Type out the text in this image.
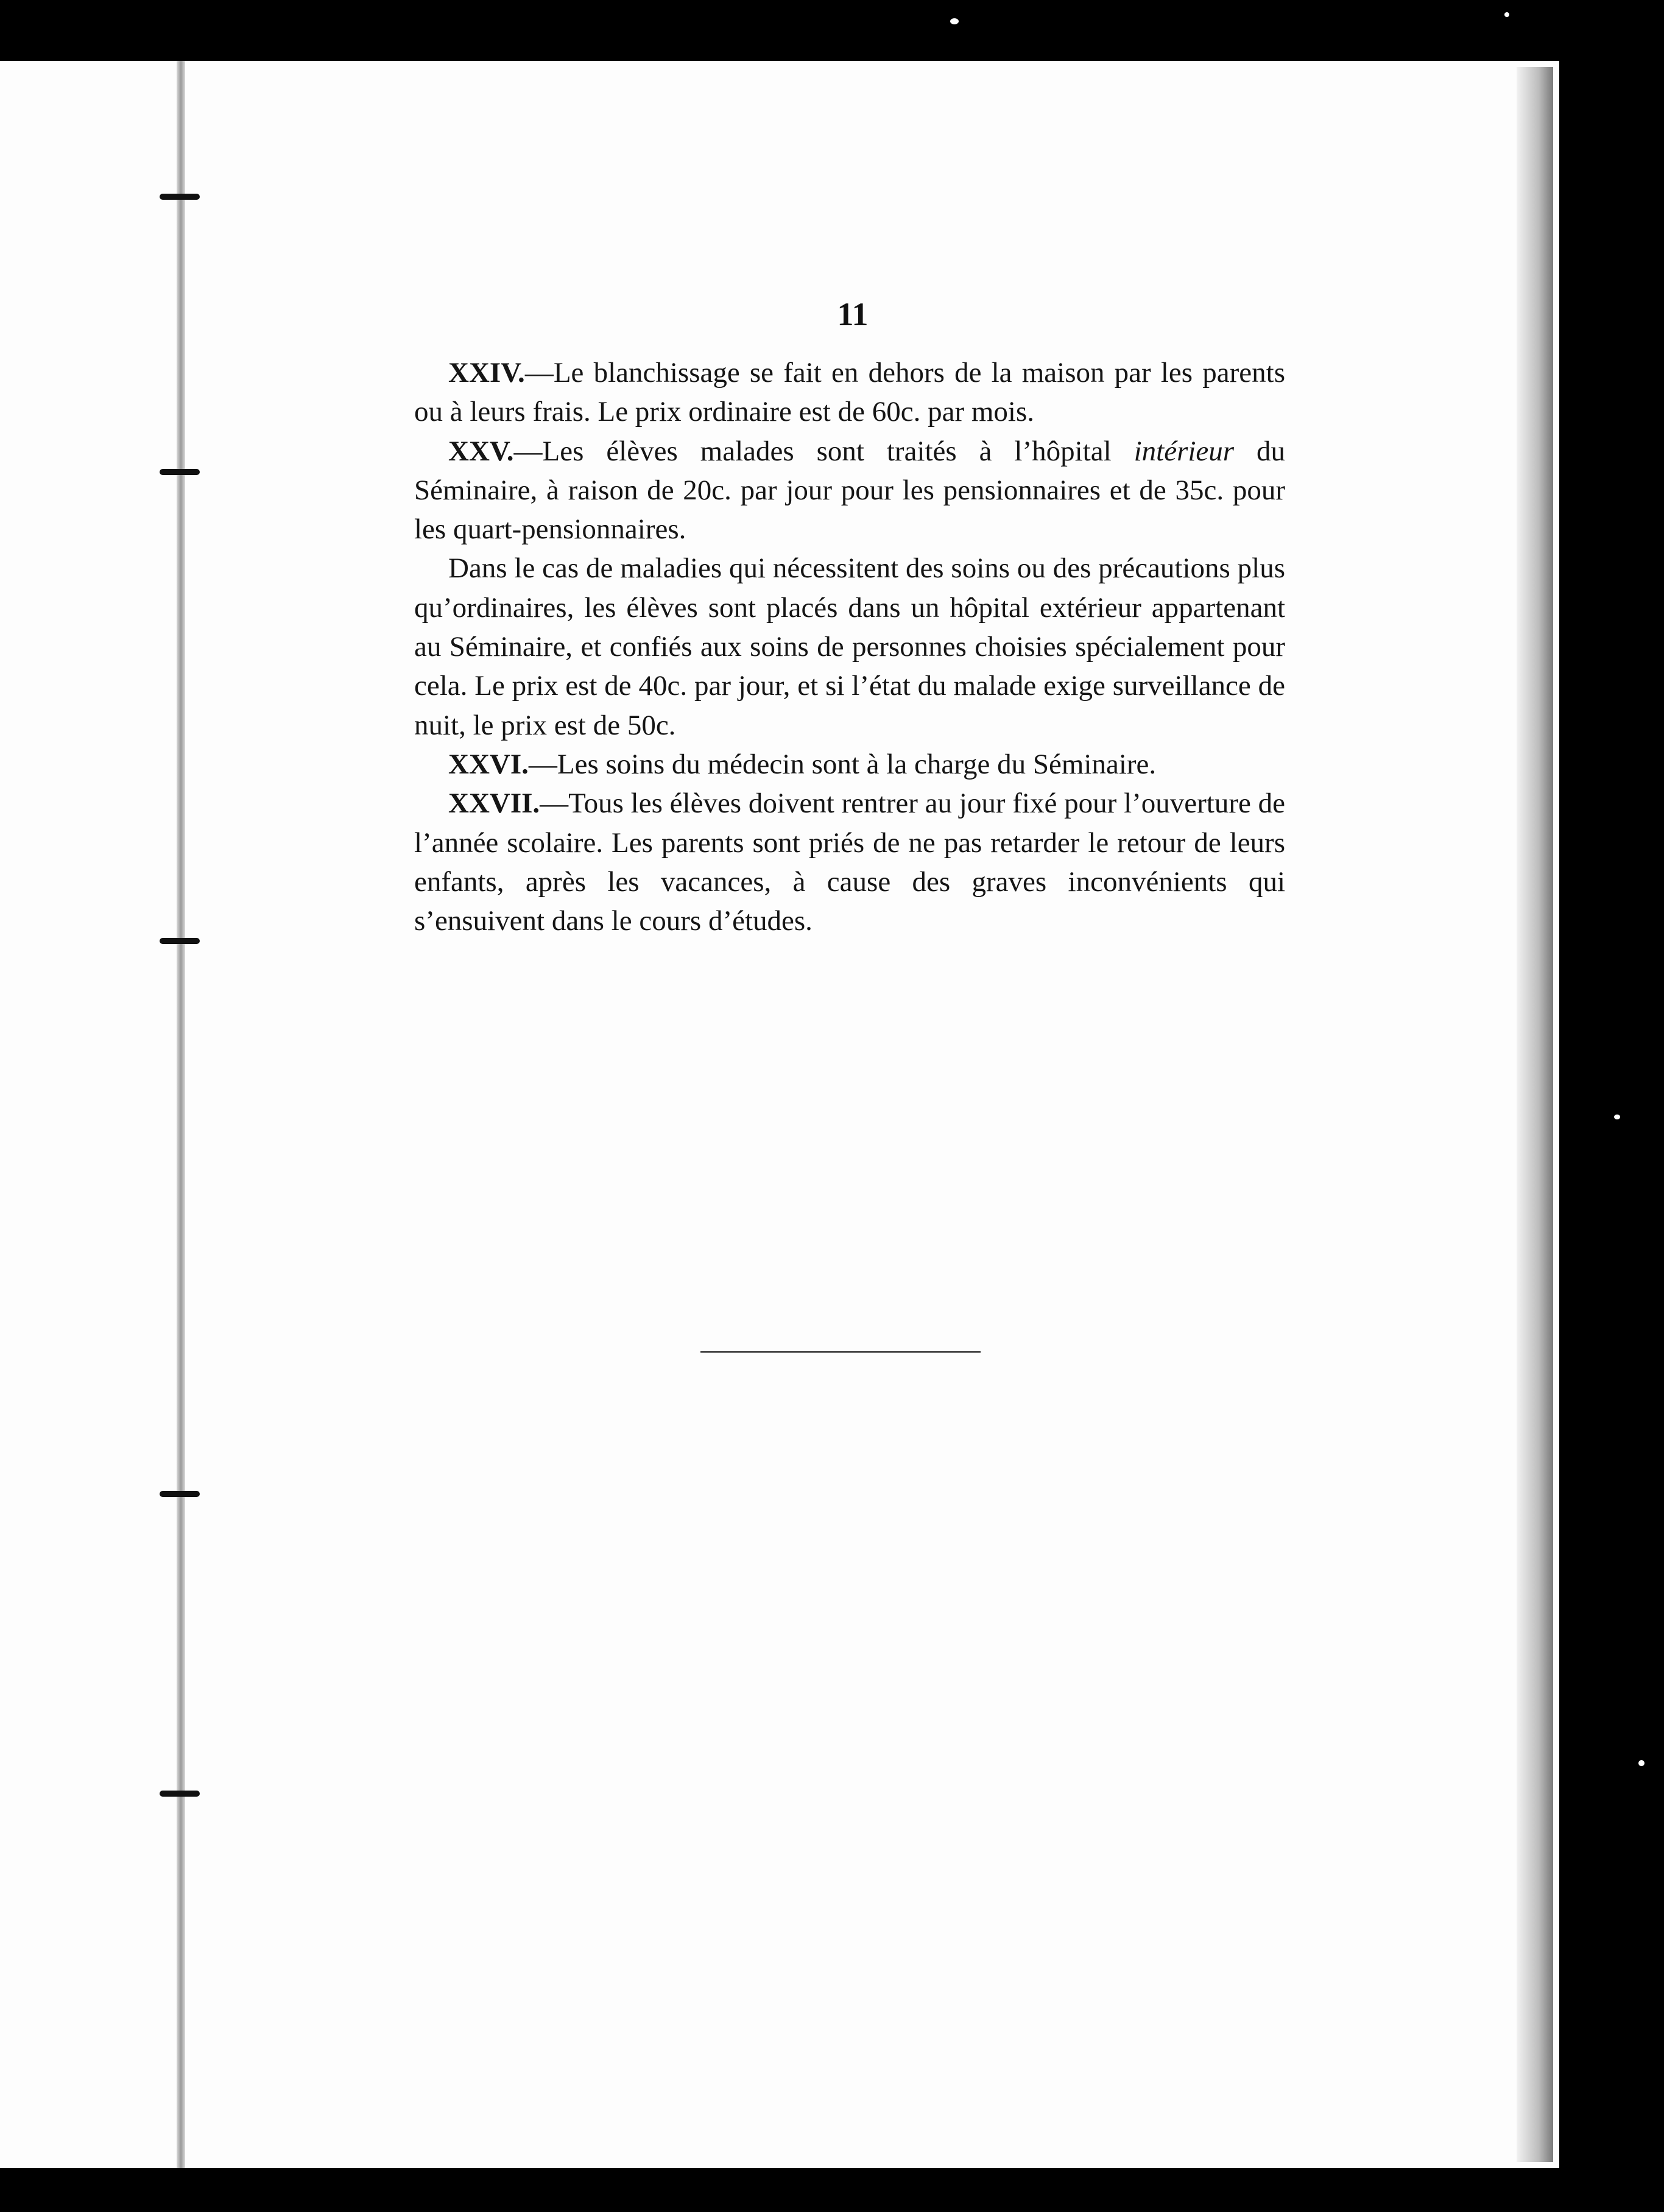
11

XXIV.—Le blanchissage se fait en dehors de la maison par les parents ou à leurs frais. Le prix ordinaire est de 60c. par mois.

XXV.—Les élèves malades sont traités à l’hôpital intérieur du Séminaire, à raison de 20c. par jour pour les pensionnaires et de 35c. pour les quart-pensionnaires.

Dans le cas de maladies qui nécessitent des soins ou des précautions plus qu’ordinaires, les élèves sont placés dans un hôpital extérieur appartenant au Séminaire, et confiés aux soins de personnes choisies spécialement pour cela. Le prix est de 40c. par jour, et si l’état du malade exige surveillance de nuit, le prix est de 50c.

XXVI.—Les soins du médecin sont à la charge du Séminaire.

XXVII.—Tous les élèves doivent rentrer au jour fixé pour l’ouverture de l’année scolaire. Les parents sont priés de ne pas retarder le retour de leurs enfants, après les vacances, à cause des graves inconvénients qui s’ensuivent dans le cours d’études.
